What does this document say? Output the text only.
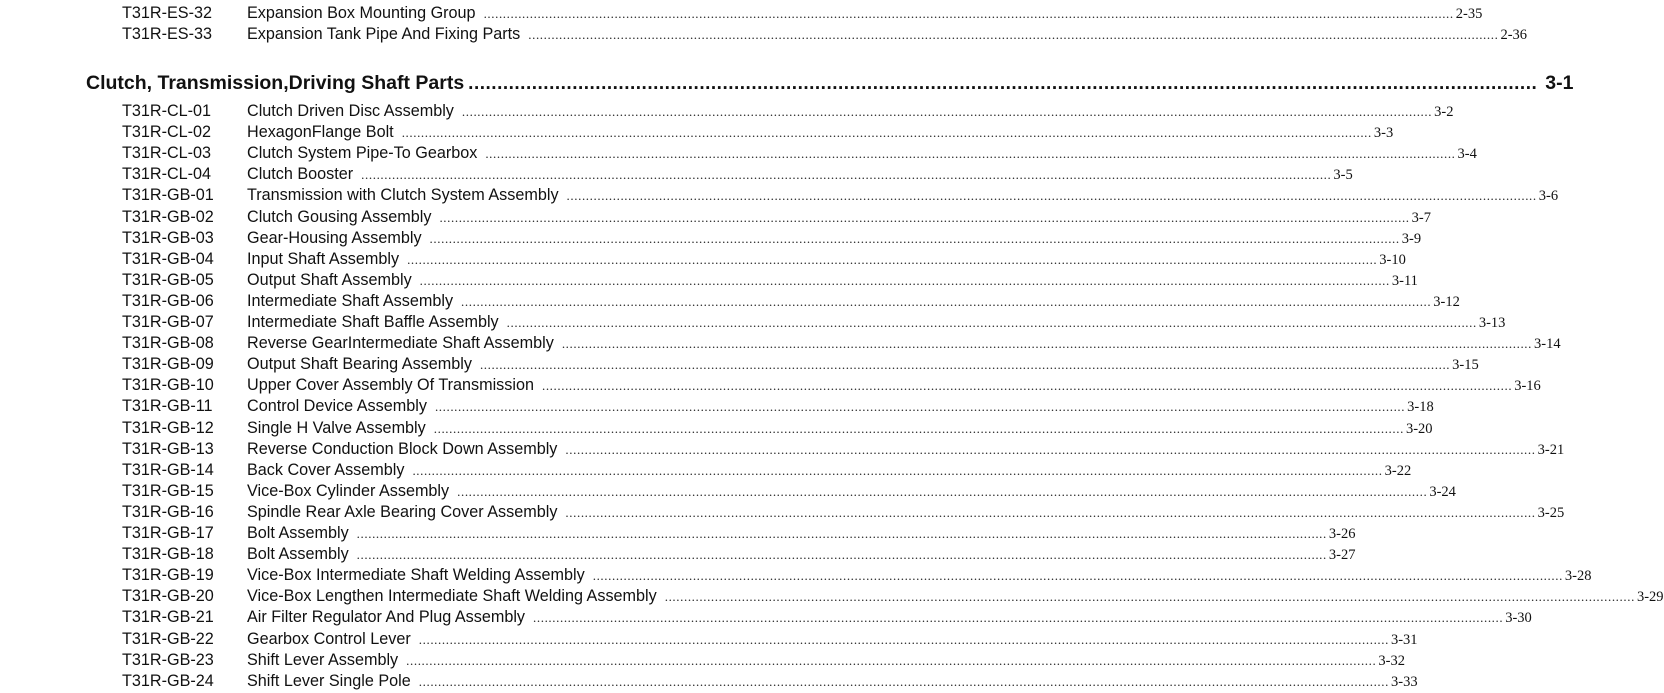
T31R-ES-32	Expansion Box Mounting Group .....	2-35
T31R-ES-33	Expansion Tank Pipe And Fixing Parts .....	2-36
Clutch, Transmission,Driving Shaft Parts .....	3-1
T31R-CL-01	Clutch Driven Disc Assembly .....	3-2
T31R-CL-02	HexagonFlange Bolt .....	3-3
T31R-CL-03	Clutch System Pipe-To Gearbox .....	3-4
T31R-CL-04	Clutch Booster .....	3-5
T31R-GB-01	Transmission with Clutch System Assembly .....	3-6
T31R-GB-02	Clutch Gousing Assembly .....	3-7
T31R-GB-03	Gear-Housing Assembly .....	3-9
T31R-GB-04	Input Shaft Assembly .....	3-10
T31R-GB-05	Output Shaft Assembly .....	3-11
T31R-GB-06	Intermediate Shaft Assembly .....	3-12
T31R-GB-07	Intermediate Shaft Baffle Assembly .....	3-13
T31R-GB-08	Reverse GearIntermediate Shaft Assembly .....	3-14
T31R-GB-09	Output Shaft Bearing Assembly .....	3-15
T31R-GB-10	Upper Cover Assembly Of Transmission .....	3-16
T31R-GB-11	Control Device Assembly .....	3-18
T31R-GB-12	Single H Valve Assembly .....	3-20
T31R-GB-13	Reverse Conduction Block Down Assembly .....	3-21
T31R-GB-14	Back Cover Assembly .....	3-22
T31R-GB-15	Vice-Box Cylinder Assembly .....	3-24
T31R-GB-16	Spindle Rear Axle Bearing Cover Assembly .....	3-25
T31R-GB-17	Bolt Assembly .....	3-26
T31R-GB-18	Bolt Assembly .....	3-27
T31R-GB-19	Vice-Box Intermediate Shaft Welding Assembly .....	3-28
T31R-GB-20	Vice-Box Lengthen Intermediate Shaft Welding Assembly .....	3-29
T31R-GB-21	Air Filter Regulator And Plug Assembly .....	3-30
T31R-GB-22	Gearbox Control Lever .....	3-31
T31R-GB-23	Shift Lever Assembly .....	3-32
T31R-GB-24	Shift Lever Single Pole .....	3-33
